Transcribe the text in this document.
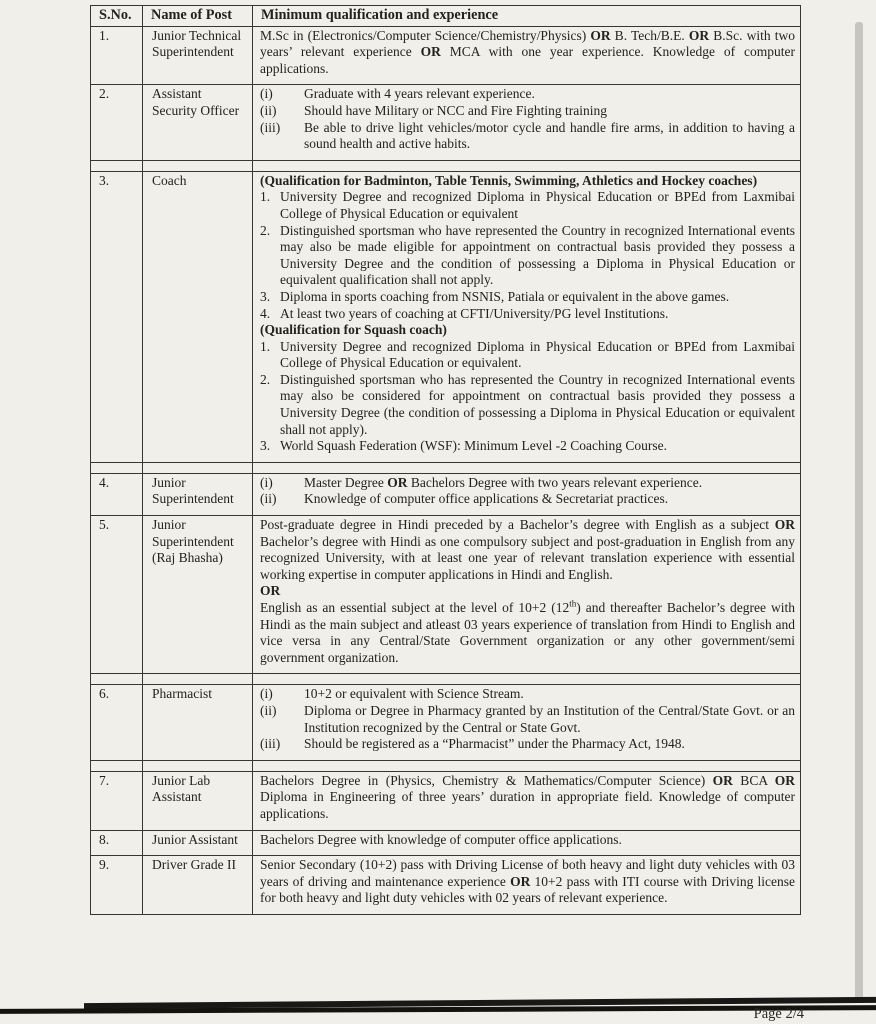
S.No.	Name of Post	Minimum qualification and experience
1.	Junior Technical Superintendent	M.Sc in (Electronics/Computer Science/Chemistry/Physics) OR B. Tech/B.E. OR B.Sc. with two years’ relevant experience OR MCA with one year experience. Knowledge of computer applications.

2.	Assistant Security Officer	
(i)	Graduate with 4 years relevant experience.
(ii)	Should have Military or NCC and Fire Fighting training
(iii)	Be able to drive light vehicles/motor cycle and handle fire arms, in addition to having a sound health and active habits.

3.	Coach	(Qualification for Badminton, Table Tennis, Swimming, Athletics and Hockey coaches)
1. University Degree and recognized Diploma in Physical Education or BPEd from Laxmibai College of Physical Education or equivalent
2. Distinguished sportsman who have represented the Country in recognized International events may also be made eligible for appointment on contractual basis provided they possess a University Degree and the condition of possessing a Diploma in Physical Education or equivalent qualification shall not apply.
3. Diploma in sports coaching from NSNIS, Patiala or equivalent in the above games.
4. At least two years of coaching at CFTI/University/PG level Institutions.
(Qualification for Squash coach)
1. University Degree and recognized Diploma in Physical Education or BPEd from Laxmibai College of Physical Education or equivalent.
2. Distinguished sportsman who has represented the Country in recognized International events may also be considered for appointment on contractual basis provided they possess a University Degree (the condition of possessing a Diploma in Physical Education or equivalent shall not apply).
3. World Squash Federation (WSF): Minimum Level -2 Coaching Course.

4.	Junior Superintendent	(i) Master Degree OR Bachelors Degree with two years relevant experience.
(ii) Knowledge of computer office applications & Secretariat practices.

5.	Junior Superintendent (Raj Bhasha)	Post-graduate degree in Hindi preceded by a Bachelor’s degree with English as a subject OR Bachelor’s degree with Hindi as one compulsory subject and post-graduation in English from any recognized University, with at least one year of relevant translation experience with essential working expertise in computer applications in Hindi and English.
OR
English as an essential subject at the level of 10+2 (12th) and thereafter Bachelor’s degree with Hindi as the main subject and atleast 03 years experience of translation from Hindi to English and vice versa in any Central/State Government organization or any other government/semi government organization.

6.	Pharmacist	(i)	10+2 or equivalent with Science Stream.
(ii)	Diploma or Degree in Pharmacy granted by an Institution of the Central/State Govt. or an Institution recognized by the Central or State Govt.
(iii)	Should be registered as a “Pharmacist” under the Pharmacy Act, 1948.

7.	Junior Lab Assistant	Bachelors Degree in (Physics, Chemistry & Mathematics/Computer Science) OR BCA OR Diploma in Engineering of three years’ duration in appropriate field. Knowledge of computer applications.

8.	Junior Assistant	Bachelors Degree with knowledge of computer office applications.

9.	Driver Grade II	Senior Secondary (10+2) pass with Driving License of both heavy and light duty vehicles with 03 years of driving and maintenance experience OR 10+2 pass with ITI course with Driving license for both heavy and light duty vehicles with 02 years of relevant experience.
Page 2/4
